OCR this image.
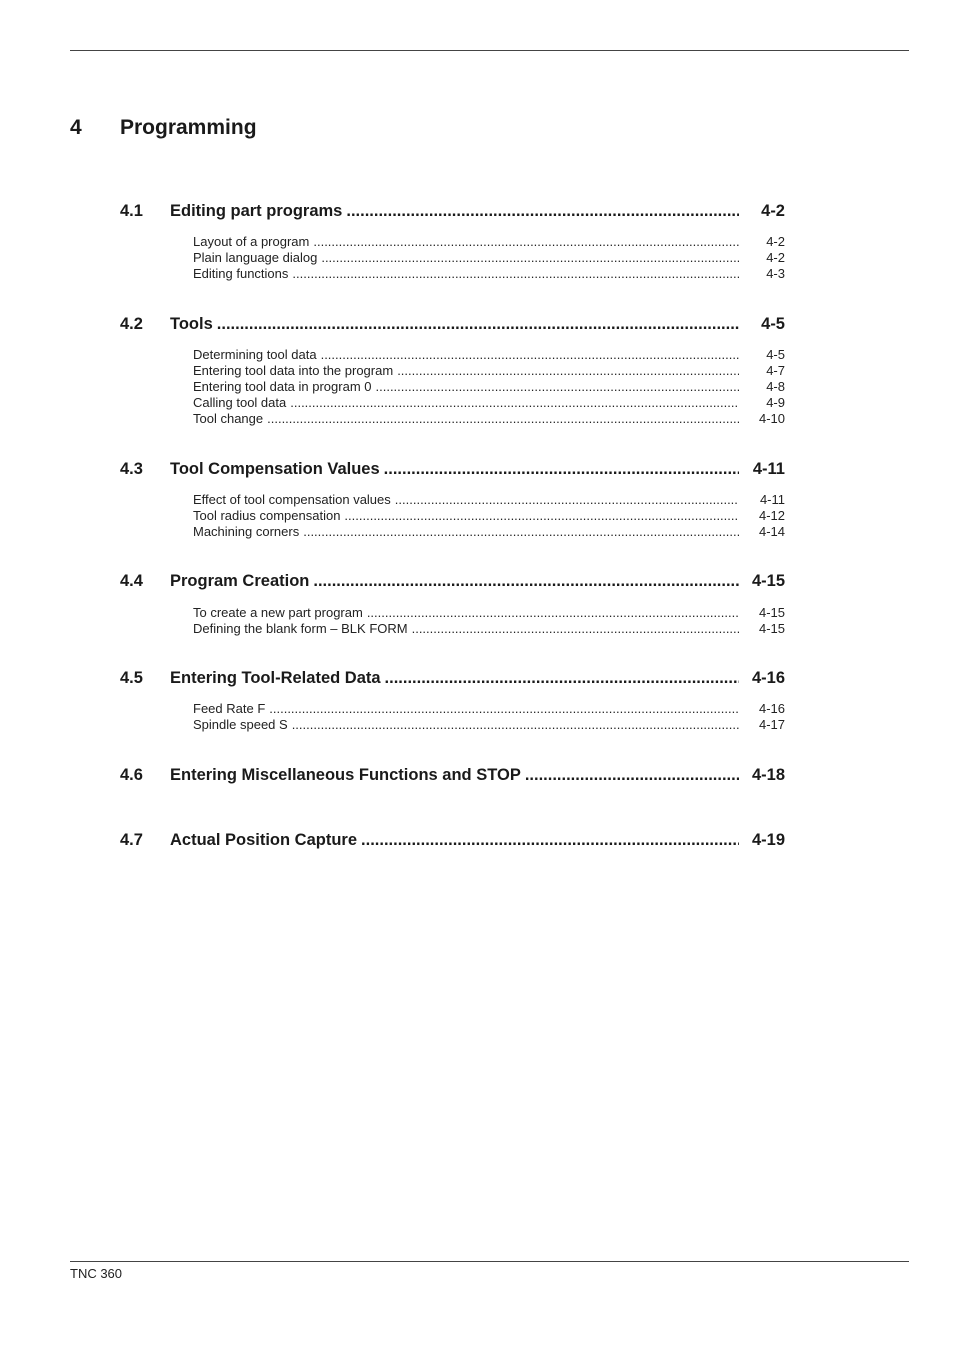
4 Programming
4.1 Editing part programs .....	4-2
Layout of a program .....	4-2
Plain language dialog .....	4-2
Editing functions .....	4-3
4.2 Tools .....	4-5
Determining tool data .....	4-5
Entering tool data into the program .....	4-7
Entering tool data in program 0 .....	4-8
Calling tool data .....	4-9
Tool change .....	4-10
4.3 Tool Compensation Values .....	4-11
Effect of tool compensation values .....	4-11
Tool radius compensation .....	4-12
Machining corners .....	4-14
4.4 Program Creation .....	4-15
To create a new part program .....	4-15
Defining the blank form – BLK FORM .....	4-15
4.5 Entering Tool-Related Data .....	4-16
Feed Rate F .....	4-16
Spindle speed S .....	4-17
4.6 Entering Miscellaneous Functions and STOP .....	4-18
4.7 Actual Position Capture .....	4-19
TNC 360
